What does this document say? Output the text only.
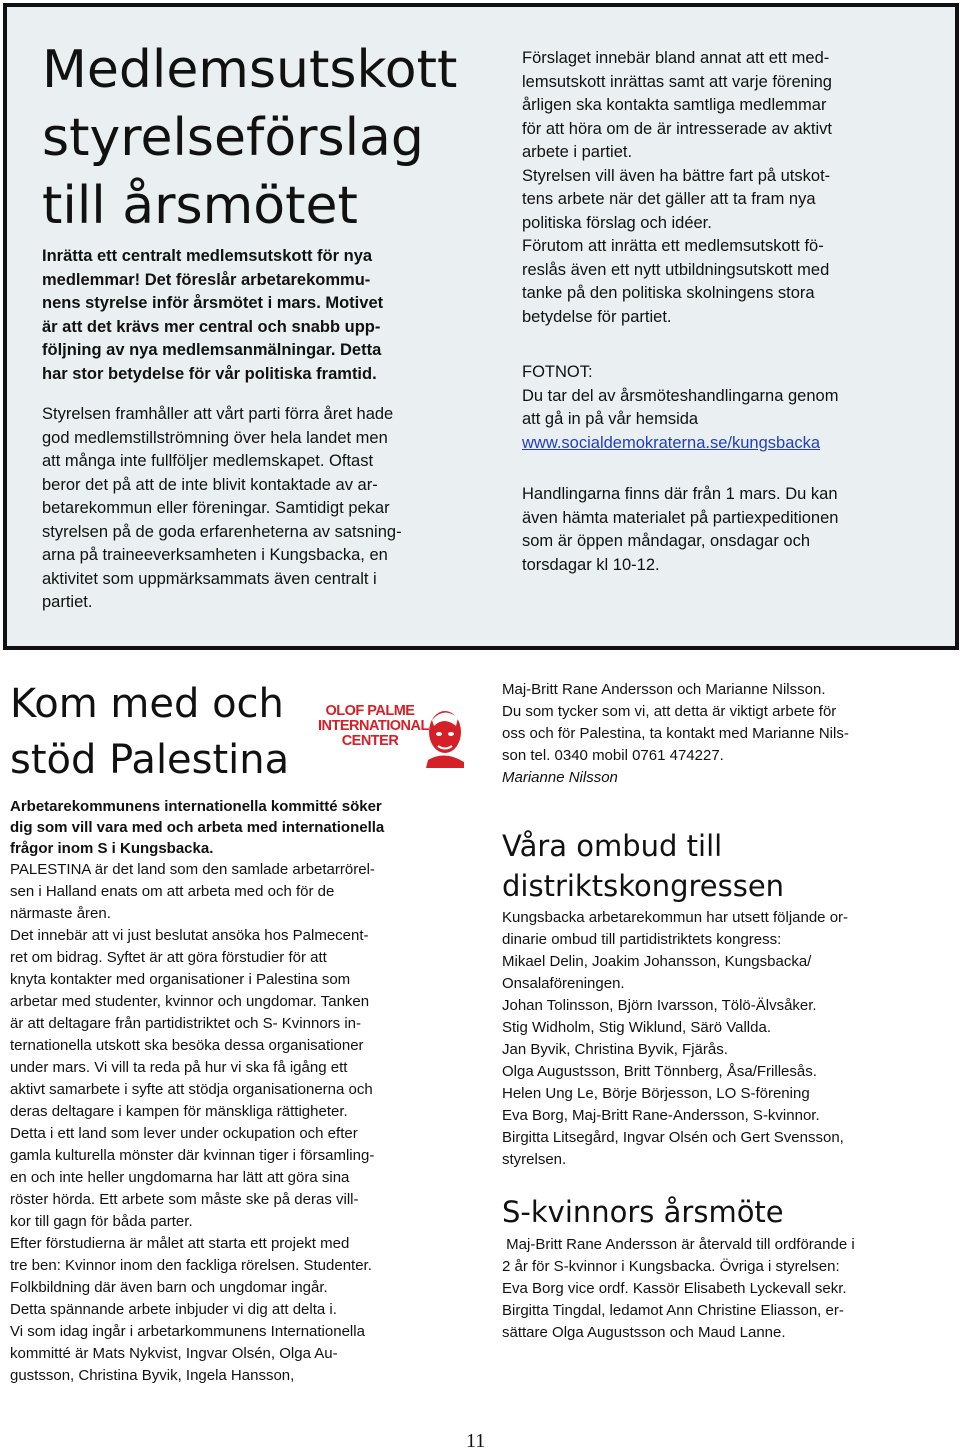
Medlemsutskott
styrelseförslag
till årsmötet
Inrätta ett centralt medlemsutskott för nya
medlemmar! Det föreslår arbetarekommu-
nens styrelse inför årsmötet i mars. Motivet
är att det krävs mer central och snabb upp-
följning av nya medlemsanmälningar. Detta
har stor betydelse för vår politiska framtid.
Styrelsen framhåller att vårt parti förra året hade
god medlemstillströmning över hela landet men
att många inte fullföljer medlemskapet. Oftast
beror det på att de inte blivit kontaktade av ar-
betarekommun eller föreningar. Samtidigt pekar
styrelsen på de goda erfarenheterna av satsning-
arna på traineeverksamheten i Kungsbacka, en
aktivitet som uppmärksammats även centralt i
partiet.
Förslaget innebär bland annat att ett med-
lemsutskott inrättas samt att varje förening
årligen ska kontakta samtliga medlemmar
för att höra om de är intresserade av aktivt
arbete i partiet.
Styrelsen vill även ha bättre fart på utskot-
tens arbete när det gäller att ta fram nya
politiska förslag och idéer.
Förutom att inrätta ett medlemsutskott fö-
reslås även ett nytt utbildningsutskott med
tanke på den politiska skolningens stora
betydelse för partiet.
FOTNOT:
Du tar del av årsmöteshandlingarna genom
att gå in på vår hemsida
www.socialdemokraterna.se/kungsbacka
Handlingarna finns där från 1 mars. Du kan
även hämta materialet på partiexpeditionen
som är öppen måndagar, onsdagar och
torsdagar kl 10-12.
Kom med och
stöd Palestina
OLOF PALME
INTERNATIONAL
CENTER
Arbetarekommunens internationella kommitté söker
dig som vill vara med och arbeta med internationella
frågor inom S i Kungsbacka.
PALESTINA är det land som den samlade arbetarrörel-
sen i Halland enats om att arbeta med och för de
närmaste åren.
Det innebär att vi just beslutat ansöka hos Palmecent-
ret om bidrag. Syftet är att göra förstudier för att
knyta kontakter med organisationer i Palestina som
arbetar med studenter, kvinnor och ungdomar. Tanken
är att deltagare från partidistriktet och S- Kvinnors in-
ternationella utskott ska besöka dessa organisationer
under mars. Vi vill ta reda på hur vi ska få igång ett
aktivt samarbete i syfte att stödja organisationerna och
deras deltagare i kampen för mänskliga rättigheter.
Detta i ett land som lever under ockupation och efter
gamla kulturella mönster där kvinnan tiger i församling-
en och inte heller ungdomarna har lätt att göra sina
röster hörda. Ett arbete som måste ske på deras vill-
kor till gagn för båda parter.
Efter förstudierna är målet att starta ett projekt med
tre ben: Kvinnor inom den fackliga rörelsen. Studenter.
Folkbildning där även barn och ungdomar ingår.
Detta spännande arbete inbjuder vi dig att delta i.
Vi som idag ingår i arbetarkommunens Internationella
kommitté är Mats Nykvist, Ingvar Olsén, Olga Au-
gustsson, Christina Byvik, Ingela Hansson,
Maj-Britt Rane Andersson och Marianne Nilsson.
Du som tycker som vi, att detta är viktigt arbete för
oss och för Palestina, ta kontakt med Marianne Nils-
son tel. 0340 mobil 0761 474227.
Marianne Nilsson
Våra ombud till
distriktskongressen
Kungsbacka arbetarekommun har utsett följande or-
dinarie ombud till partidistriktets kongress:
Mikael Delin, Joakim Johansson, Kungsbacka/
Onsalaföreningen.
Johan Tolinsson, Björn Ivarsson, Tölö-Älvsåker.
Stig Widholm, Stig Wiklund, Särö Vallda.
Jan Byvik, Christina Byvik, Fjärås.
Olga Augustsson, Britt Tönnberg, Åsa/Frillesås.
Helen Ung Le, Börje Börjesson, LO S-förening
Eva Borg, Maj-Britt Rane-Andersson, S-kvinnor.
Birgitta Litsegård, Ingvar Olsén och Gert Svensson,
styrelsen.
S-kvinnors årsmöte
Maj-Britt Rane Andersson är återvald till ordförande i
2 år för S-kvinnor i Kungsbacka. Övriga i styrelsen:
Eva Borg vice ordf. Kassör Elisabeth Lyckevall sekr.
Birgitta Tingdal, ledamot Ann Christine Eliasson, er-
sättare Olga Augustsson och Maud Lanne.
11
